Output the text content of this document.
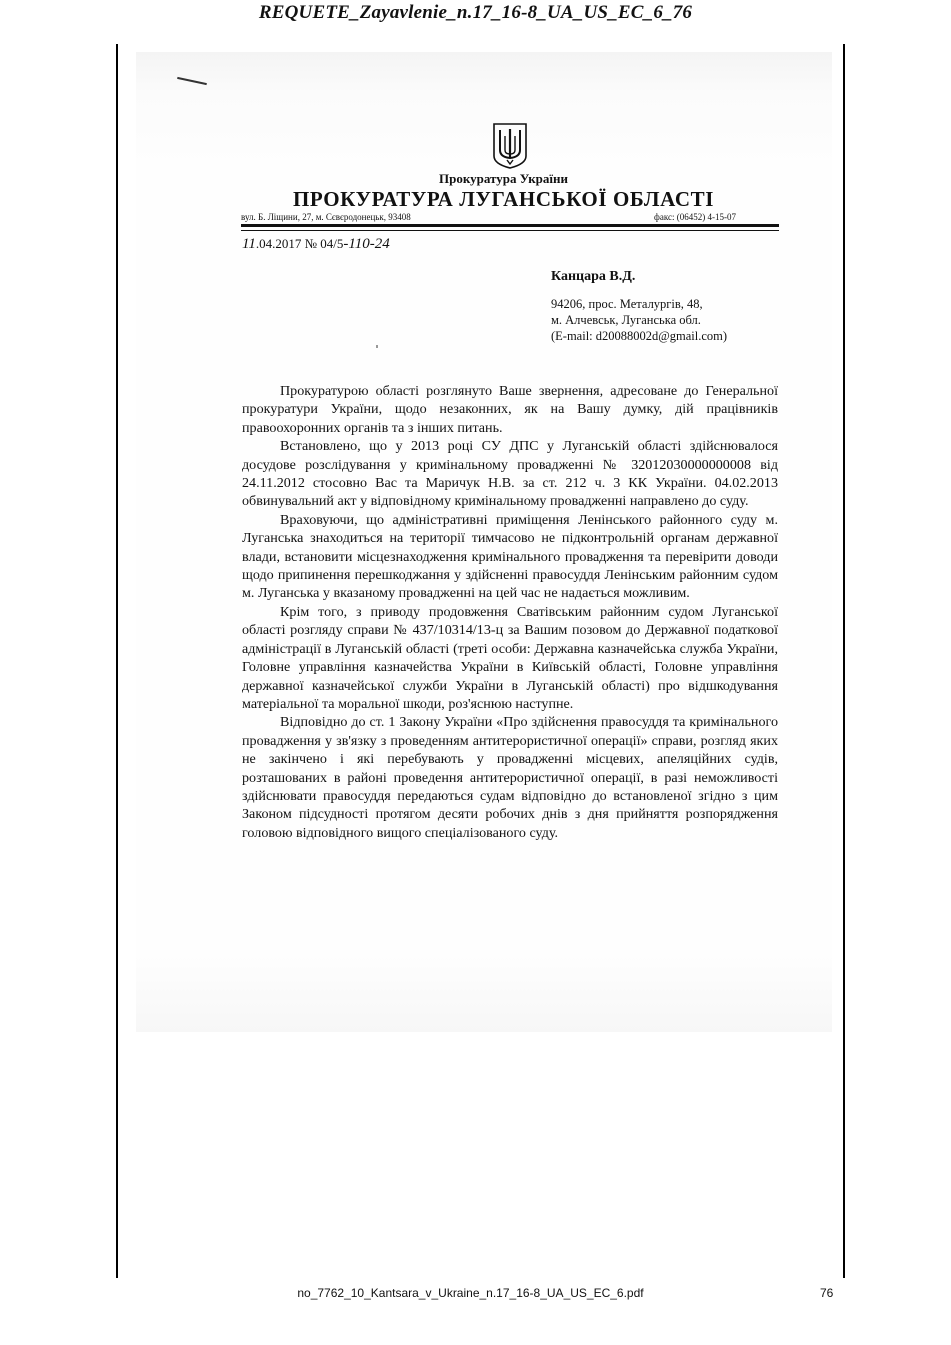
REQUETE_Zayavlenie_n.17_16-8_UA_US_EC_6_76
Прокуратура України
ПРОКУРАТУРА ЛУГАНСЬКОЇ ОБЛАСТІ
вул. Б. Ліщини, 27, м. Сєвєродонецьк, 93408	факс: (06452) 4-15-07
11.04.2017 № 04/5-110-24
Канцара В.Д.
94206, прос. Металургів, 48,
м. Алчевськ, Луганська обл.
(E-mail: d20088002d@gmail.com)

Прокуратурою області розглянуто Ваше звернення, адресоване до Генеральної прокуратури України, щодо незаконних, як на Вашу думку, дій працівників правоохоронних органів та з інших питань.

Встановлено, що у 2013 році СУ ДПС у Луганській області здійснювалося досудове розслідування у кримінальному провадженні № 32012030000000008 від 24.11.2012 стосовно Вас та Маричук Н.В. за ст. 212 ч. 3 КК України. 04.02.2013 обвинувальний акт у відповідному кримінальному провадженні направлено до суду.

Враховуючи, що адміністративні приміщення Ленінського районного суду м. Луганська знаходиться на території тимчасово не підконтрольній органам державної влади, встановити місцезнаходження кримінального провадження та перевірити доводи щодо припинення перешкоджання у здійсненні правосуддя Ленінським районним судом м. Луганська у вказаному провадженні на цей час не надається можливим.

Крім того, з приводу продовження Сватівським районним судом Луганської області розгляду справи № 437/10314/13-ц за Вашим позовом до Державної податкової адміністрації в Луганській області (треті особи: Державна казначейська служба України, Головне управління казначейства України в Київській області, Головне управління державної казначейської служби України в Луганській області) про відшкодування матеріальної та моральної шкоди, роз'яснюю наступне.

Відповідно до ст. 1 Закону України «Про здійснення правосуддя та кримінального провадження у зв'язку з проведенням антитерористичної операції» справи, розгляд яких не закінчено і які перебувають у провадженні місцевих, апеляційних судів, розташованих в районі проведення антитерористичної операції, в разі неможливості здійснювати правосуддя передаються судам відповідно до встановленої згідно з цим Законом підсудності протягом десяти робочих днів з дня прийняття розпорядження головою відповідного вищого спеціалізованого суду.

no_7762_10_Kantsara_v_Ukraine_n.17_16-8_UA_US_EC_6.pdf	76
